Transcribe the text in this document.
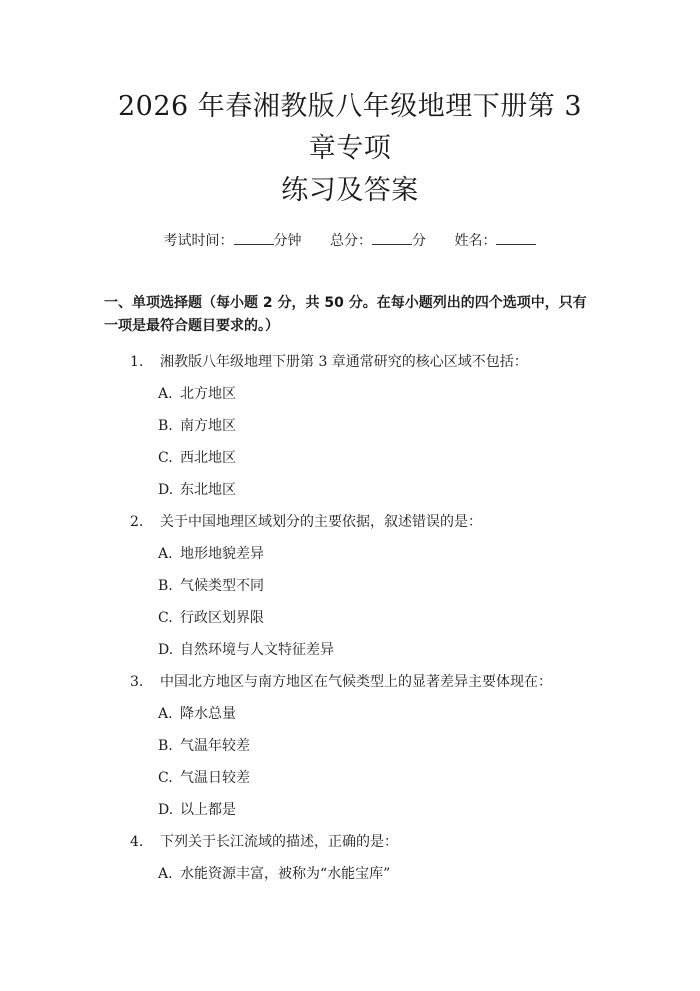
2026 年春湘教版八年级地理下册第 3 章专项
练习及答案
考试时间：	分钟 总分：	分 姓名：
一、单项选择题（每小题 2 分，共 50 分。在每小题列出的四个选项中，只有一项是最符合题目要求的。）
1.	湘教版八年级地理下册第 3 章通常研究的核心区域不包括：
A. 北方地区
B. 南方地区
C. 西北地区
D. 东北地区
2.	关于中国地理区域划分的主要依据，叙述错误的是：
A. 地形地貌差异
B. 气候类型不同
C. 行政区划界限
D. 自然环境与人文特征差异
3.	中国北方地区与南方地区在气候类型上的显著差异主要体现在：
A. 降水总量
B. 气温年较差
C. 气温日较差
D. 以上都是
4.	下列关于长江流域的描述，正确的是：
A. 水能资源丰富，被称为“水能宝库”
